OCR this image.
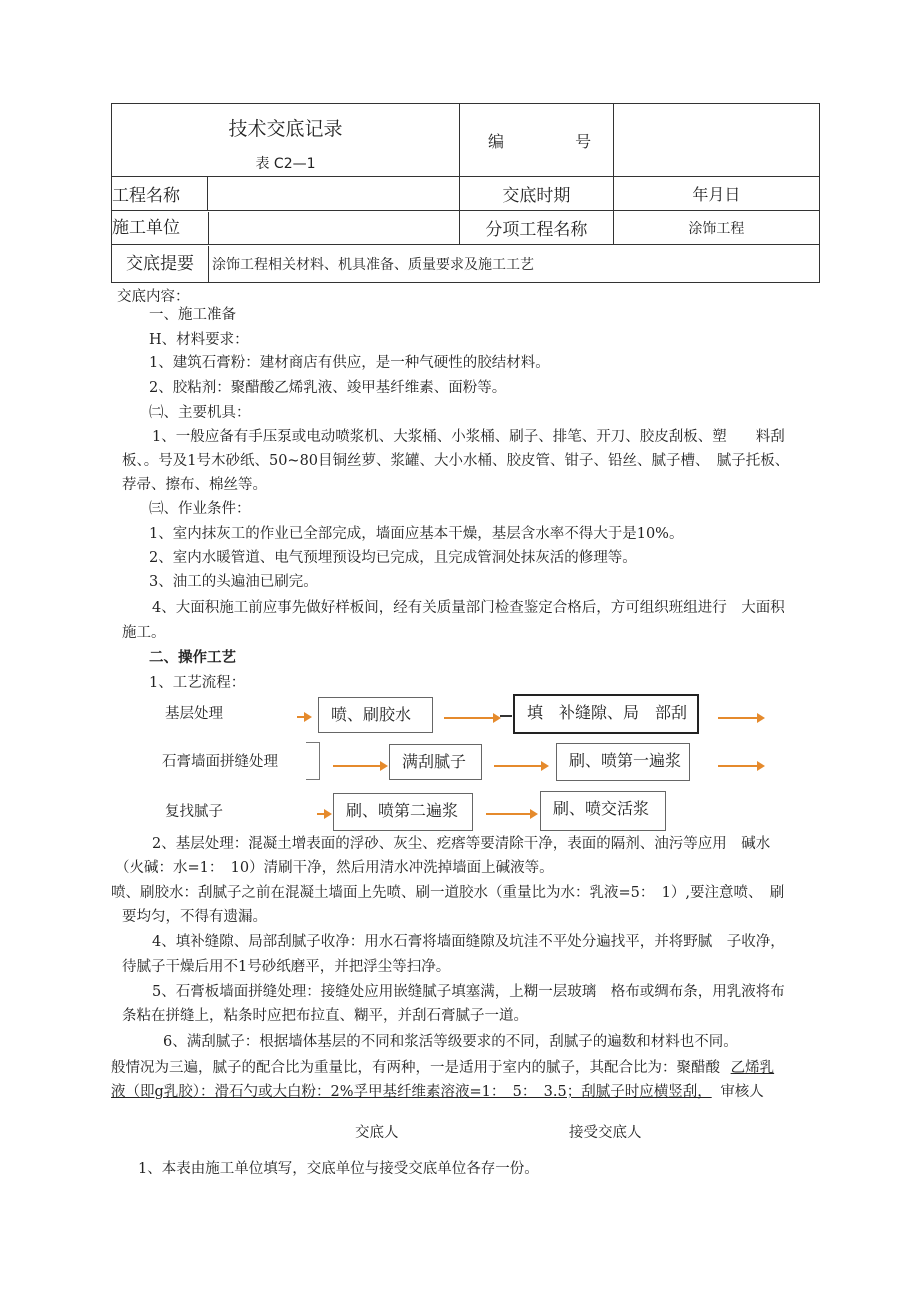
技术交底记录
表 C2—1	编 号	
工程名称	交底时期	年月日

施工单位	分项工程名称	涂饰工程

交底提要 涂饰工程相关材料、机具准备、质量要求及施工工艺		
交底内容：
一、施工准备
H、材料要求：
1、建筑石膏粉：建材商店有供应，是一种气硬性的胶结材料。
2、胶粘剂：聚醋酸乙烯乳液、竣甲基纤维素、面粉等。
㈡、主要机具：
1、一般应备有手压泵或电动喷浆机、大浆桶、小浆桶、刷子、排笔、开刀、胶皮刮板、塑　　料刮
板、。号及1号木砂纸、50~80目铜丝萝、浆罐、大小水桶、胶皮管、钳子、铅丝、腻子槽、　腻子托板、
荐帚、擦布、棉丝等。
㈢、作业条件：
1、室内抹灰工的作业已全部完成，墙面应基本干燥，基层含水率不得大于是10%。
2、室内水暖管道、电气预埋预设均已完成，且完成管洞处抹灰活的修理等。
3、油工的头遍油已刷完。
4、大面积施工前应事先做好样板间，经有关质量部门检查鉴定合格后，方可组织班组进行　大面积
施工。
二、操作工艺
1、工艺流程：
基层处理	喷、刷胶水	填　补缝隙、局　部刮
石膏墙面拼缝处理	满刮腻子	刷、喷第一遍浆
复找腻子	刷、喷第二遍浆	刷、喷交活浆
2、基层处理：混凝土增表面的浮砂、灰尘、疙瘩等要清除干净，表面的隔剂、油污等应用　碱水
（火碱：水=1：　10）清刷干净，然后用清水冲洗掉墙面上碱液等。
喷、刷胶水：刮腻子之前在混凝土墙面上先喷、刷一道胶水（重量比为水：乳液=5：　1）,要注意喷、　刷
要均匀，不得有遗漏。
4、填补缝隙、局部刮腻子收净：用水石膏将墙面缝隙及坑洼不平处分遍找平，并将野腻　子收净，
待腻子干燥后用不1号砂纸磨平，并把浮尘等扫净。
5、石膏板墙面拼缝处理：接缝处应用嵌缝腻子填塞满，上糊一层玻璃　格布或绸布条，用乳液将布
条粘在拼缝上，粘条时应把布拉直、糊平，并刮石膏腻子一道。
6、满刮腻子：根据墙体基层的不同和浆活等级要求的不同，刮腻子的遍数和材料也不同。
般情况为三遍，腻子的配合比为重量比，有两种，一是适用于室内的腻子，其配合比为：聚醋酸 乙烯乳
液（即g乳胶）：滑石勺或大白粉：2%孚甲基纤维素溶液=1：　5：　3.5；刮腻子时应横竖刮， 审核人
交底人	接受交底人
1、本表由施工单位填写，交底单位与接受交底单位各存一份。
